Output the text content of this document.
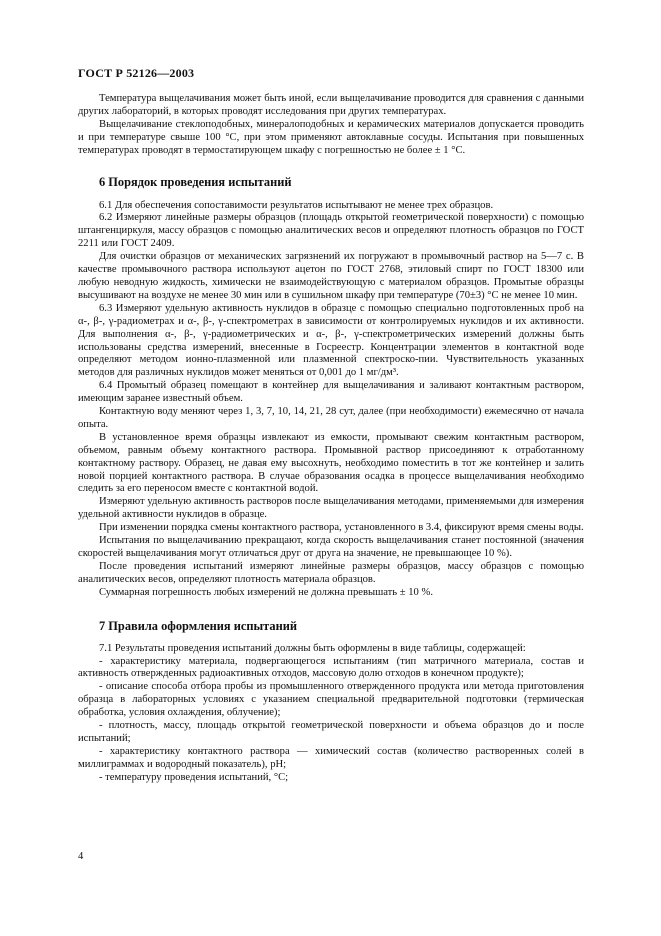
ГОСТ Р 52126—2003

Температура выщелачивания может быть иной, если выщелачивание проводится для сравнения с данными других лабораторий, в которых проводят исследования при других температурах.

Выщелачивание стеклоподобных, минералоподобных и керамических материалов допускается проводить и при температуре свыше 100 °С, при этом применяют автоклавные сосуды. Испытания при повышенных температурах проводят в термостатирующем шкафу с погрешностью не более ± 1 °С.

6 Порядок проведения испытаний

6.1 Для обеспечения сопоставимости результатов испытывают не менее трех образцов.

6.2 Измеряют линейные размеры образцов (площадь открытой геометрической поверхности) с помощью штангенциркуля, массу образцов с помощью аналитических весов и определяют плотность образцов по ГОСТ 2211 или ГОСТ 2409.

Для очистки образцов от механических загрязнений их погружают в промывочный раствор на 5—7 с. В качестве промывочного раствора используют ацетон по ГОСТ 2768, этиловый спирт по ГОСТ 18300 или любую неводную жидкость, химически не взаимодействующую с материалом образцов. Промытые образцы высушивают на воздухе не менее 30 мин или в сушильном шкафу при температуре (70±3) °С не менее 10 мин.

6.3 Измеряют удельную активность нуклидов в образце с помощью специально подготовленных проб на α-, β-, γ-радиометрах и α-, β-, γ-спектрометрах в зависимости от контролируемых нуклидов и их активности. Для выполнения α-, β-, γ-радиометрических и α-, β-, γ-спектрометрических измерений должны быть использованы средства измерений, внесенные в Госреестр. Концентрации элементов в контактной воде определяют методом ионно-плазменной или плазменной спектроско-пии. Чувствительность указанных методов для различных нуклидов может меняться от 0,001 до 1 мг/дм³.

6.4 Промытый образец помещают в контейнер для выщелачивания и заливают контактным раствором, имеющим заранее известный объем.

Контактную воду меняют через 1, 3, 7, 10, 14, 21, 28 сут, далее (при необходимости) ежемесячно от начала опыта.

В установленное время образцы извлекают из емкости, промывают свежим контактным раствором, объемом, равным объему контактного раствора. Промывной раствор присоединяют к отработанному контактному раствору. Образец, не давая ему высохнуть, необходимо поместить в тот же контейнер и залить новой порцией контактного раствора. В случае образования осадка в процессе выщелачивания необходимо следить за его переносом вместе с контактной водой.

Измеряют удельную активность растворов после выщелачивания методами, применяемыми для измерения удельной активности нуклидов в образце.

При изменении порядка смены контактного раствора, установленного в 3.4, фиксируют время смены воды.

Испытания по выщелачиванию прекращают, когда скорость выщелачивания станет постоянной (значения скоростей выщелачивания могут отличаться друг от друга на значение, не превышающее 10 %).

После проведения испытаний измеряют линейные размеры образцов, массу образцов с помощью аналитических весов, определяют плотность материала образцов.

Суммарная погрешность любых измерений не должна превышать ± 10 %.

7 Правила оформления испытаний

7.1 Результаты проведения испытаний должны быть оформлены в виде таблицы, содержащей:

- характеристику материала, подвергающегося испытаниям (тип матричного материала, состав и активность отвержденных радиоактивных отходов, массовую долю отходов в конечном продукте);

- описание способа отбора пробы из промышленного отвержденного продукта или метода приготовления образца в лабораторных условиях с указанием специальной предварительной подготовки (термическая обработка, условия охлаждения, облучение);

- плотность, массу, площадь открытой геометрической поверхности и объема образцов до и после испытаний;

- характеристику контактного раствора — химический состав (количество растворенных солей в миллиграммах и водородный показатель), рН;

- температуру проведения испытаний, °С;

4
